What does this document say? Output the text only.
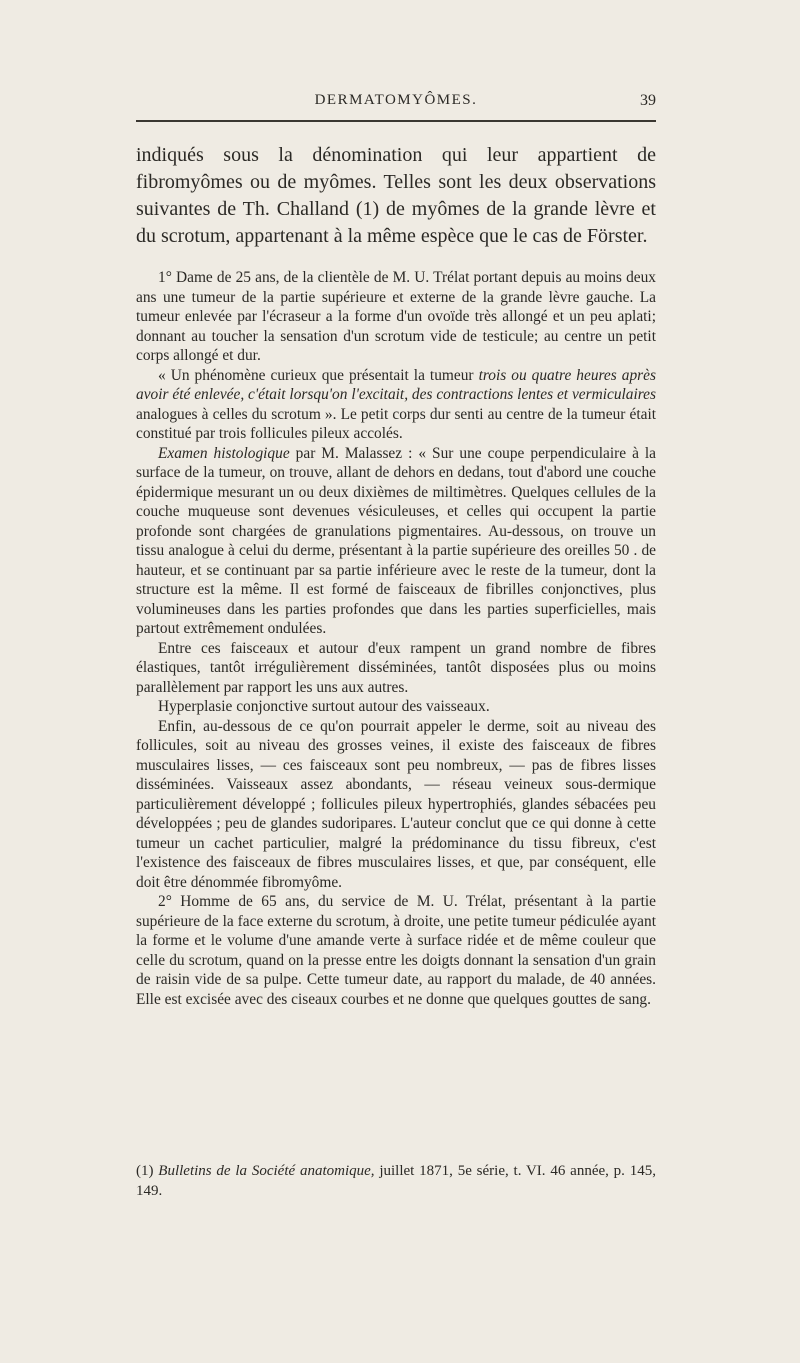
DERMATOMYÔMES.	39

indiqués sous la dénomination qui leur appartient de fibromyômes ou de myômes. Telles sont les deux observations suivantes de Th. Challand (1) de myômes de la grande lèvre et du scrotum, appartenant à la même espèce que le cas de Förster.

1° Dame de 25 ans, de la clientèle de M. U. Trélat portant depuis au moins deux ans une tumeur de la partie supérieure et externe de la grande lèvre gauche. La tumeur enlevée par l'écraseur a la forme d'un ovoïde très allongé et un peu aplati; donnant au toucher la sensation d'un scrotum vide de testicule; au centre un petit corps allongé et dur.

« Un phénomène curieux que présentait la tumeur trois ou quatre heures après avoir été enlevée, c'était lorsqu'on l'excitait, des contractions lentes et vermiculaires analogues à celles du scrotum ». Le petit corps dur senti au centre de la tumeur était constitué par trois follicules pileux accolés.

Examen histologique par M. Malassez : « Sur une coupe perpendiculaire à la surface de la tumeur, on trouve, allant de dehors en dedans, tout d'abord une couche épidermique mesurant un ou deux dixièmes de miltimètres. Quelques cellules de la couche muqueuse sont devenues vésiculeuses, et celles qui occupent la partie profonde sont chargées de granulations pigmentaires. Au-dessous, on trouve un tissu analogue à celui du derme, présentant à la partie supérieure des oreilles 50 . de hauteur, et se continuant par sa partie inférieure avec le reste de la tumeur, dont la structure est la même. Il est formé de faisceaux de fibrilles conjonctives, plus volumineuses dans les parties profondes que dans les parties superficielles, mais partout extrêmement ondulées.

Entre ces faisceaux et autour d'eux rampent un grand nombre de fibres élastiques, tantôt irrégulièrement disséminées, tantôt disposées plus ou moins parallèlement par rapport les uns aux autres.

Hyperplasie conjonctive surtout autour des vaisseaux.

Enfin, au-dessous de ce qu'on pourrait appeler le derme, soit au niveau des follicules, soit au niveau des grosses veines, il existe des faisceaux de fibres musculaires lisses, — ces faisceaux sont peu nombreux, — pas de fibres lisses disséminées. Vaisseaux assez abondants, — réseau veineux sous-dermique particulièrement développé ; follicules pileux hypertrophiés, glandes sébacées peu développées ; peu de glandes sudoripares. L'auteur conclut que ce qui donne à cette tumeur un cachet particulier, malgré la prédominance du tissu fibreux, c'est l'existence des faisceaux de fibres musculaires lisses, et que, par conséquent, elle doit être dénommée fibromyôme.

2° Homme de 65 ans, du service de M. U. Trélat, présentant à la partie supérieure de la face externe du scrotum, à droite, une petite tumeur pédiculée ayant la forme et le volume d'une amande verte à surface ridée et de même couleur que celle du scrotum, quand on la presse entre les doigts donnant la sensation d'un grain de raisin vide de sa pulpe. Cette tumeur date, au rapport du malade, de 40 années. Elle est excisée avec des ciseaux courbes et ne donne que quelques gouttes de sang.

(1) Bulletins de la Société anatomique, juillet 1871, 5e série, t. VI. 46 année, p. 145, 149.
